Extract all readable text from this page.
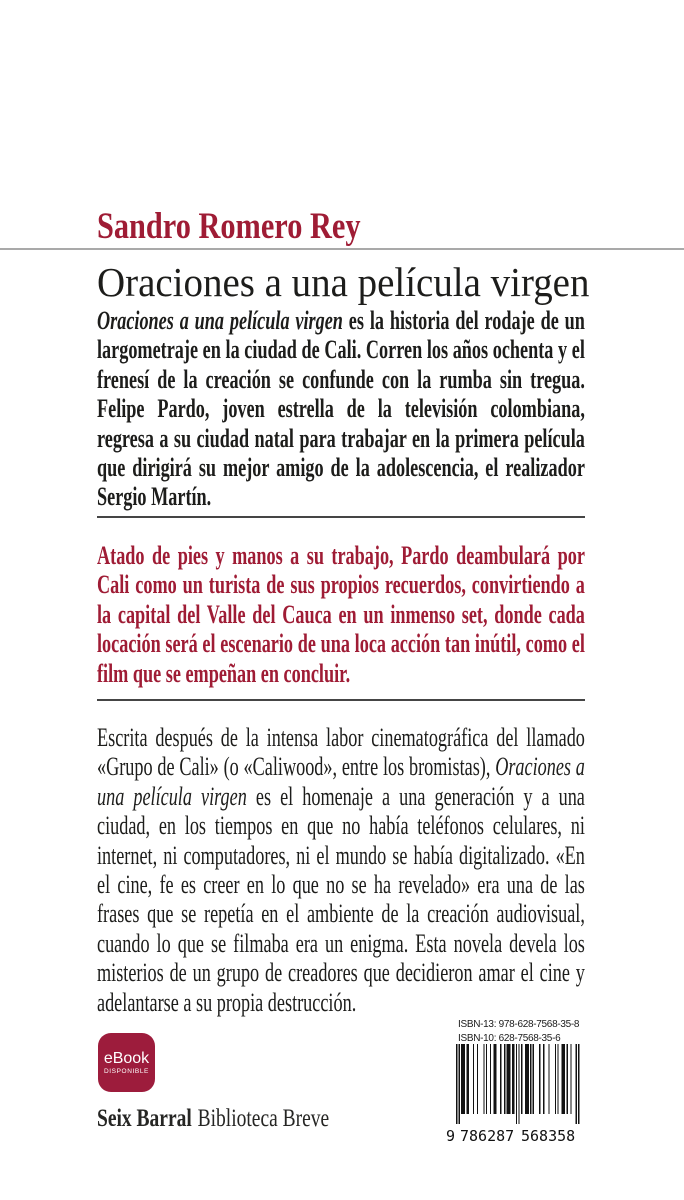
Sandro Romero Rey
Oraciones a una película virgen

Oraciones a una película virgen es la historia del rodaje de un largometraje en la ciudad de Cali. Corren los años ochenta y el frenesí de la creación se confunde con la rumba sin tregua. Felipe Pardo, joven estrella de la televisión colombiana, regresa a su ciudad natal para trabajar en la primera película que dirigirá su mejor amigo de la adolescencia, el realizador Sergio Martín.

Atado de pies y manos a su trabajo, Pardo deambulará por Cali como un turista de sus propios recuerdos, convirtiendo a la capital del Valle del Cauca en un inmenso set, donde cada locación será el escenario de una loca acción tan inútil, como el film que se empeñan en concluir.

Escrita después de la intensa labor cinematográfica del llamado «Grupo de Cali» (o «Caliwood», entre los bromistas), Oraciones a una película virgen es el homenaje a una generación y a una ciudad, en los tiempos en que no había teléfonos celulares, ni internet, ni computadores, ni el mundo se había digitalizado. «En el cine, fe es creer en lo que no se ha revelado» era una de las frases que se repetía en el ambiente de la creación audiovisual, cuando lo que se filmaba era un enigma. Esta novela devela los misterios de un grupo de creadores que decidieron amar el cine y adelantarse a su propia destrucción.

eBook
DISPONIBLE
Seix Barral Biblioteca Breve
ISBN-13: 978-628-7568-35-8
ISBN-10: 628-7568-35-6
9 786287 568358
